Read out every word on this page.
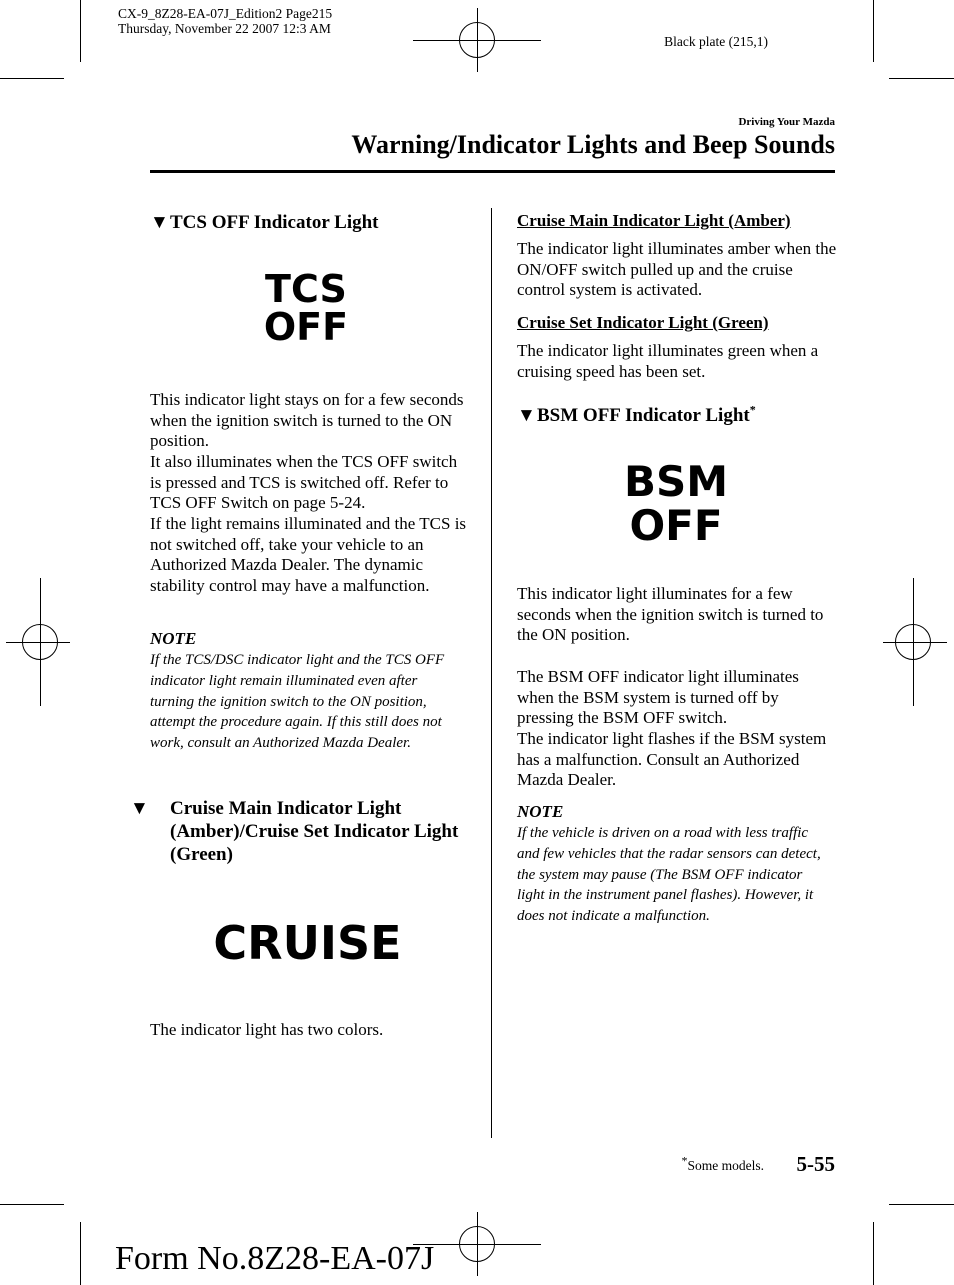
CX-9_8Z28-EA-07J_Edition2 Page215
Thursday, November 22 2007 12:3 AM
Black plate (215,1)
Driving Your Mazda
Warning/Indicator Lights and Beep Sounds
▼TCS OFF Indicator Light
TCS
OFF
This indicator light stays on for a few seconds when the ignition switch is turned to the ON position.
It also illuminates when the TCS OFF switch is pressed and TCS is switched off. Refer to TCS OFF Switch on page 5-24.
If the light remains illuminated and the TCS is not switched off, take your vehicle to an Authorized Mazda Dealer. The dynamic stability control may have a malfunction.
NOTE
If the TCS/DSC indicator light and the TCS OFF indicator light remain illuminated even after turning the ignition switch to the ON position, attempt the procedure again. If this still does not work, consult an Authorized Mazda Dealer.
▼ Cruise Main Indicator Light (Amber)/Cruise Set Indicator Light (Green)
CRUISE
The indicator light has two colors.
Cruise Main Indicator Light (Amber)
The indicator light illuminates amber when the ON/OFF switch pulled up and the cruise control system is activated.
Cruise Set Indicator Light (Green)
The indicator light illuminates green when a cruising speed has been set.
▼BSM OFF Indicator Light*
BSM
OFF
This indicator light illuminates for a few seconds when the ignition switch is turned to the ON position.
The BSM OFF indicator light illuminates when the BSM system is turned off by pressing the BSM OFF switch.
The indicator light flashes if the BSM system has a malfunction. Consult an Authorized Mazda Dealer.
NOTE
If the vehicle is driven on a road with less traffic and few vehicles that the radar sensors can detect, the system may pause (The BSM OFF indicator light in the instrument panel flashes). However, it does not indicate a malfunction.
*Some models. 5-55
Form No.8Z28-EA-07J
